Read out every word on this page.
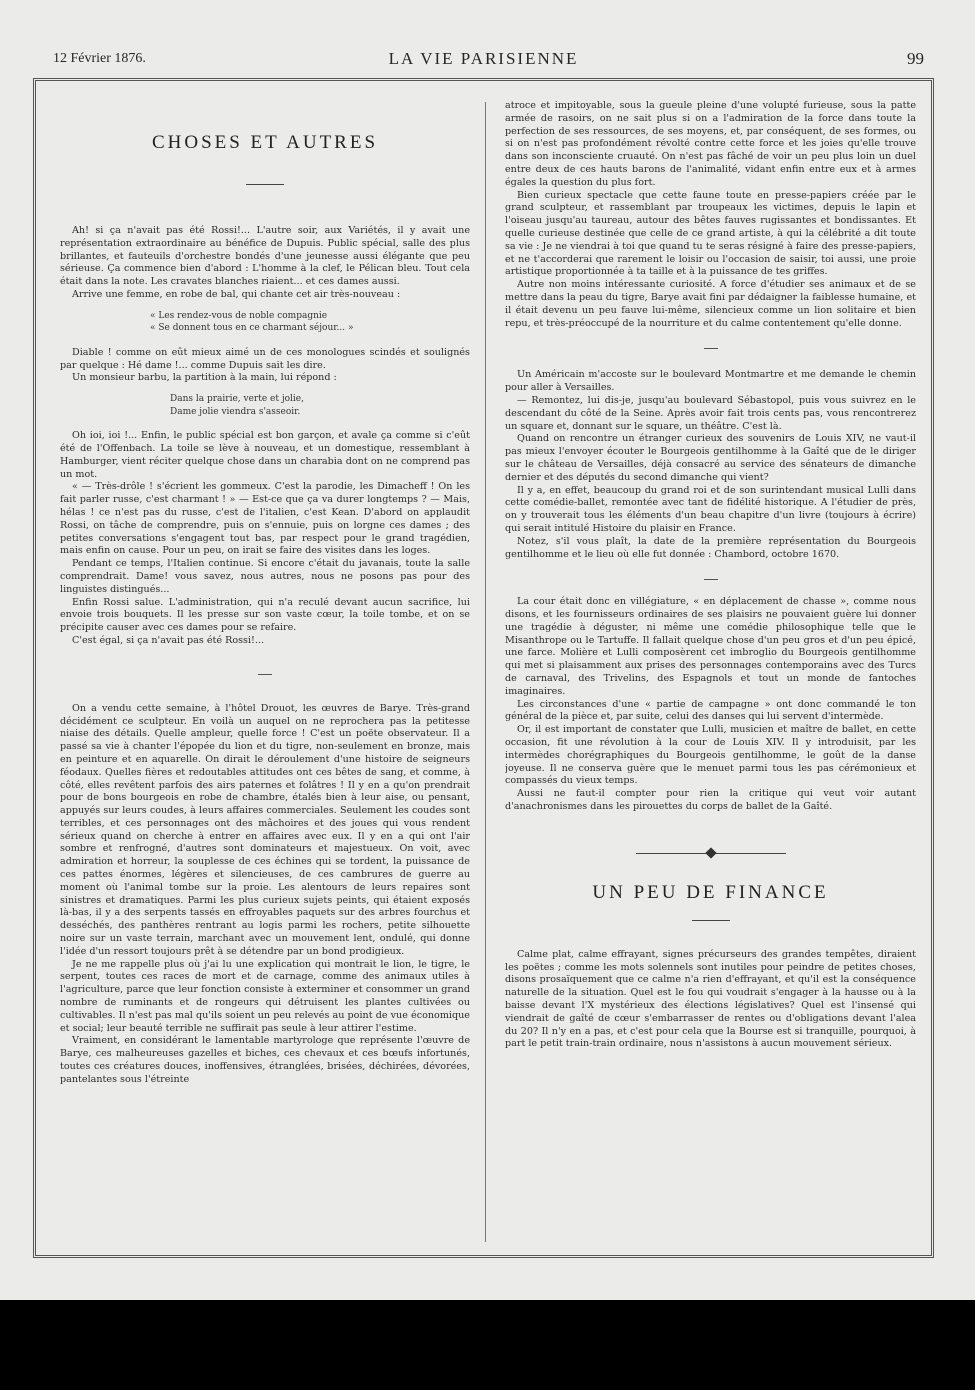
12 Février 1876.	LA VIE PARISIENNE	99
CHOSES ET AUTRES

Ah! si ça n'avait pas été Rossi!... L'autre soir, aux Variétés, il y avait une représentation extraordinaire au bénéfice de Dupuis. Public spécial, salle des plus brillantes, et fauteuils d'orchestre bondés d'une jeunesse aussi élégante que peu sérieuse. Ça commence bien d'abord : L'homme à la clef, le Pélican bleu. Tout cela était dans la note. Les cravates blanches riaient... et ces dames aussi.

Arrive une femme, en robe de bal, qui chante cet air très-nouveau :

« Les rendez-vous de noble compagnie
« Se donnent tous en ce charmant séjour... »

Diable ! comme on eût mieux aimé un de ces monologues scindés et soulignés par quelque : Hé dame !... comme Dupuis sait les dire.

Un monsieur barbu, la partition à la main, lui répond :

Dans la prairie, verte et jolie,
Dame jolie viendra s'asseoir.

Oh ioi, ioi !... Enfin, le public spécial est bon garçon, et avale ça comme si c'eût été de l'Offenbach. La toile se lève à nouveau, et un domestique, ressemblant à Hamburger, vient réciter quelque chose dans un charabia dont on ne comprend pas un mot.

« — Très-drôle ! s'écrient les gommeux. C'est la parodie, les Dimacheff ! On les fait parler russe, c'est charmant ! » — Est-ce que ça va durer longtemps ? — Mais, hélas ! ce n'est pas du russe, c'est de l'italien, c'est Kean. D'abord on applaudit Rossi, on tâche de comprendre, puis on s'ennuie, puis on lorgne ces dames ; des petites conversations s'engagent tout bas, par respect pour le grand tragédien, mais enfin on cause. Pour un peu, on irait se faire des visites dans les loges.

Pendant ce temps, l'Italien continue. Si encore c'était du javanais, toute la salle comprendrait. Dame! vous savez, nous autres, nous ne posons pas pour des linguistes distingués...

Enfin Rossi salue. L'administration, qui n'a reculé devant aucun sacrifice, lui envoie trois bouquets. Il les presse sur son vaste cœur, la toile tombe, et on se précipite causer avec ces dames pour se refaire.

C'est égal, si ça n'avait pas été Rossi!...

On a vendu cette semaine, à l'hôtel Drouot, les œuvres de Barye. Très-grand décidément ce sculpteur. En voilà un auquel on ne reprochera pas la petitesse niaise des détails. Quelle ampleur, quelle force ! C'est un poëte observateur. Il a passé sa vie à chanter l'épopée du lion et du tigre, non-seulement en bronze, mais en peinture et en aquarelle. On dirait le déroulement d'une histoire de seigneurs féodaux. Quelles fières et redoutables attitudes ont ces bêtes de sang, et comme, à côté, elles revêtent parfois des airs paternes et folâtres ! Il y en a qu'on prendrait pour de bons bourgeois en robe de chambre, étalés bien à leur aise, ou pensant, appuyés sur leurs coudes, à leurs affaires commerciales. Seulement les coudes sont terribles, et ces personnages ont des mâchoires et des joues qui vous rendent sérieux quand on cherche à entrer en affaires avec eux. Il y en a qui ont l'air sombre et renfrogné, d'autres sont dominateurs et majestueux. On voit, avec admiration et horreur, la souplesse de ces échines qui se tordent, la puissance de ces pattes énormes, légères et silencieuses, de ces cambrures de guerre au moment où l'animal tombe sur la proie. Les alentours de leurs repaires sont sinistres et dramatiques. Parmi les plus curieux sujets peints, qui étaient exposés là-bas, il y a des serpents tassés en effroyables paquets sur des arbres fourchus et desséchés, des panthères rentrant au logis parmi les rochers, petite silhouette noire sur un vaste terrain, marchant avec un mouvement lent, ondulé, qui donne l'idée d'un ressort toujours prêt à se détendre par un bond prodigieux.

Je ne me rappelle plus où j'ai lu une explication qui montrait le lion, le tigre, le serpent, toutes ces races de mort et de carnage, comme des animaux utiles à l'agriculture, parce que leur fonction consiste à exterminer et consommer un grand nombre de ruminants et de rongeurs qui détruisent les plantes cultivées ou cultivables. Il n'est pas mal qu'ils soient un peu relevés au point de vue économique et social; leur beauté terrible ne suffirait pas seule à leur attirer l'estime.

Vraiment, en considérant le lamentable martyrologe que représente l'œuvre de Barye, ces malheureuses gazelles et biches, ces chevaux et ces bœufs infortunés, toutes ces créatures douces, inoffensives, étranglées, brisées, déchirées, dévorées, pantelantes sous l'étreinte

atroce et impitoyable, sous la gueule pleine d'une volupté furieuse, sous la patte armée de rasoirs, on ne sait plus si on a l'admiration de la force dans toute la perfection de ses ressources, de ses moyens, et, par conséquent, de ses formes, ou si on n'est pas profondément révolté contre cette force et les joies qu'elle trouve dans son inconsciente cruauté. On n'est pas fâché de voir un peu plus loin un duel entre deux de ces hauts barons de l'animalité, vidant enfin entre eux et à armes égales la question du plus fort.

Bien curieux spectacle que cette faune toute en presse-papiers créée par le grand sculpteur, et rassemblant par troupeaux les victimes, depuis le lapin et l'oiseau jusqu'au taureau, autour des bêtes fauves rugissantes et bondissantes. Et quelle curieuse destinée que celle de ce grand artiste, à qui la célébrité a dit toute sa vie : Je ne viendrai à toi que quand tu te seras résigné à faire des presse-papiers, et ne t'accorderai que rarement le loisir ou l'occasion de saisir, toi aussi, une proie artistique proportionnée à ta taille et à la puissance de tes griffes.

Autre non moins intéressante curiosité. A force d'étudier ses animaux et de se mettre dans la peau du tigre, Barye avait fini par dédaigner la faiblesse humaine, et il était devenu un peu fauve lui-même, silencieux comme un lion solitaire et bien repu, et très-préoccupé de la nourriture et du calme contentement qu'elle donne.

Un Américain m'accoste sur le boulevard Montmartre et me demande le chemin pour aller à Versailles.

— Remontez, lui dis-je, jusqu'au boulevard Sébastopol, puis vous suivrez en le descendant du côté de la Seine. Après avoir fait trois cents pas, vous rencontrerez un square et, donnant sur le square, un théâtre. C'est là.

Quand on rencontre un étranger curieux des souvenirs de Louis XIV, ne vaut-il pas mieux l'envoyer écouter le Bourgeois gentilhomme à la Gaîté que de le diriger sur le château de Versailles, déjà consacré au service des sénateurs de dimanche dernier et des députés du second dimanche qui vient?

Il y a, en effet, beaucoup du grand roi et de son surintendant musical Lulli dans cette comédie-ballet, remontée avec tant de fidélité historique. A l'étudier de près, on y trouverait tous les éléments d'un beau chapitre d'un livre (toujours à écrire) qui serait intitulé Histoire du plaisir en France.

Notez, s'il vous plaît, la date de la première représentation du Bourgeois gentilhomme et le lieu où elle fut donnée : Chambord, octobre 1670.

La cour était donc en villégiature, « en déplacement de chasse », comme nous disons, et les fournisseurs ordinaires de ses plaisirs ne pouvaient guère lui donner une tragédie à déguster, ni même une comédie philosophique telle que le Misanthrope ou le Tartuffe. Il fallait quelque chose d'un peu gros et d'un peu épicé, une farce. Molière et Lulli composèrent cet imbroglio du Bourgeois gentilhomme qui met si plaisamment aux prises des personnages contemporains avec des Turcs de carnaval, des Trivelins, des Espagnols et tout un monde de fantoches imaginaires.

Les circonstances d'une « partie de campagne » ont donc commandé le ton général de la pièce et, par suite, celui des danses qui lui servent d'intermède.

Or, il est important de constater que Lulli, musicien et maître de ballet, en cette occasion, fit une révolution à la cour de Louis XIV. Il y introduisit, par les intermèdes chorégraphiques du Bourgeois gentilhomme, le goût de la danse joyeuse. Il ne conserva guère que le menuet parmi tous les pas cérémonieux et compassés du vieux temps.

Aussi ne faut-il compter pour rien la critique qui veut voir autant d'anachronismes dans les pirouettes du corps de ballet de la Gaîté.

UN PEU DE FINANCE

Calme plat, calme effrayant, signes précurseurs des grandes tempêtes, diraient les poëtes ; comme les mots solennels sont inutiles pour peindre de petites choses, disons prosaïquement que ce calme n'a rien d'effrayant, et qu'il est la conséquence naturelle de la situation. Quel est le fou qui voudrait s'engager à la hausse ou à la baisse devant l'X mystérieux des élections législatives? Quel est l'insensé qui viendrait de gaîté de cœur s'embarrasser de rentes ou d'obligations devant l'alea du 20? Il n'y en a pas, et c'est pour cela que la Bourse est si tranquille, pourquoi, à part le petit train-train ordinaire, nous n'assistons à aucun mouvement sérieux.
